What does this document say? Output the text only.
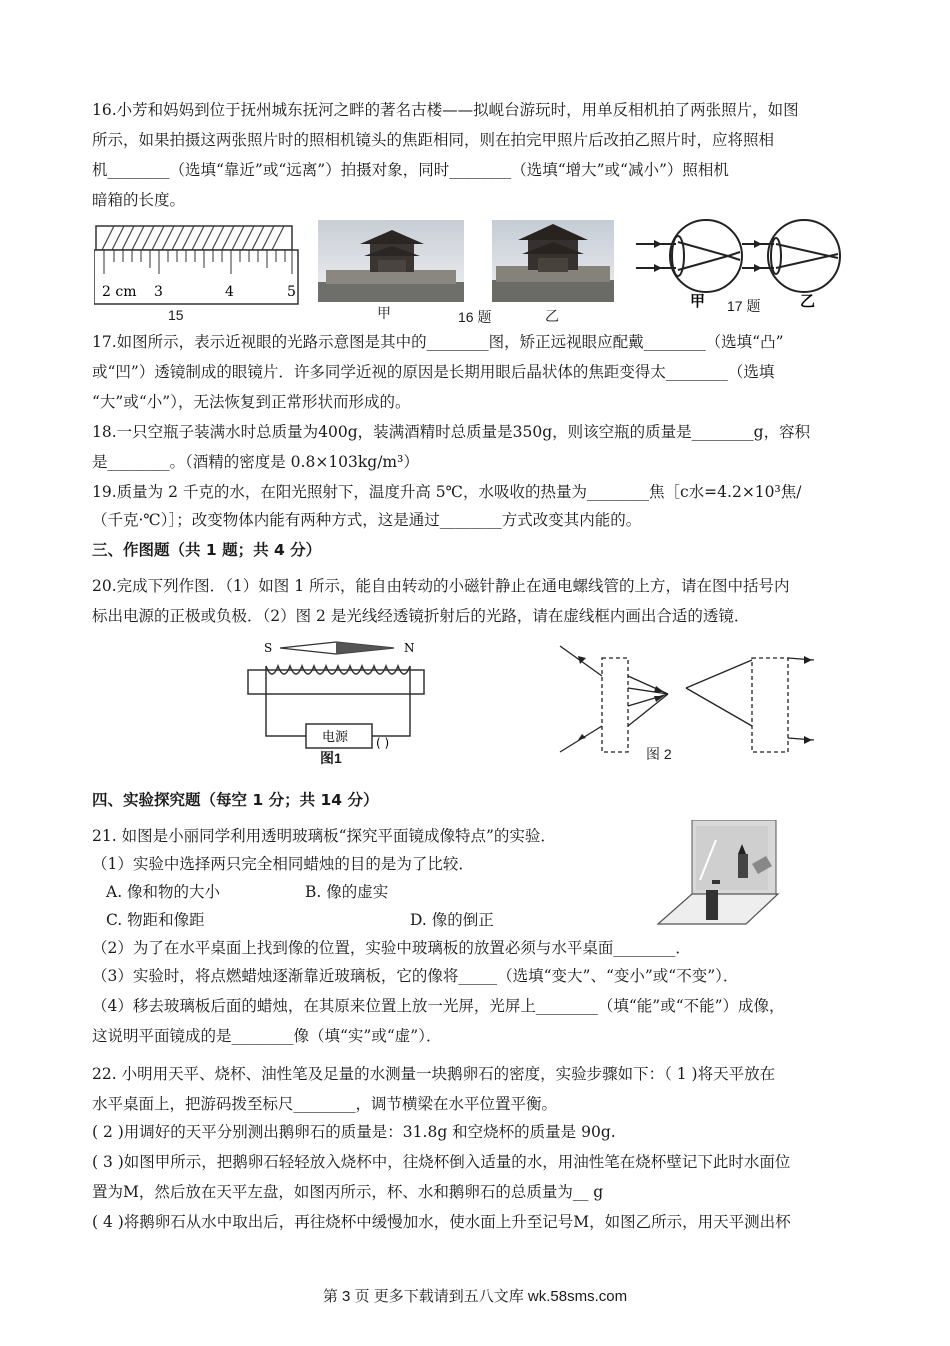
16.小芳和妈妈到位于抚州城东抚河之畔的著名古楼——拟岘台游玩时，用单反相机拍了两张照片，如图
所示，如果拍摄这两张照片时的照相机镜头的焦距相同，则在拍完甲照片后改拍乙照片时，应将照相
机________（选填“靠近”或“远离”）拍摄对象，同时________（选填“增大”或“减小”）照相机
暗箱的长度。
2 cm 3	4	5
15	甲	16 题	乙
甲	乙
17 题
17.如图所示，表示近视眼的光路示意图是其中的________图，矫正远视眼应配戴________（选填“凸”
或“凹”）透镜制成的眼镜片．许多同学近视的原因是长期用眼后晶状体的焦距变得太________（选填
“大”或“小”），无法恢复到正常形状而形成的。
18.一只空瓶子装满水时总质量为400g，装满酒精时总质量是350g，则该空瓶的质量是________g，容积
是________。（酒精的密度是 0.8×103kg/m³）
19.质量为 2 千克的水，在阳光照射下，温度升高 5℃，水吸收的热量为________焦［c水=4.2×10³焦/
（千克·℃）］；改变物体内能有两种方式，这是通过________方式改变其内能的。
三、作图题（共 1 题；共 4 分）
20.完成下列作图．（1）如图 1 所示，能自由转动的小磁针静止在通电螺线管的上方，请在图中括号内
标出电源的正极或负极．（2）图 2 是光线经透镜折射后的光路，请在虚线框内画出合适的透镜．
S	N
电源 ( )
图1	图 2
四、实验探究题（每空 1 分；共 14 分）
21. 如图是小丽同学利用透明玻璃板“探究平面镜成像特点”的实验．
（1）实验中选择两只完全相同蜡烛的目的是为了比较．
A. 像和物的大小	B. 像的虚实
C. 物距和像距	D. 像的倒正
（2）为了在水平桌面上找到像的位置，实验中玻璃板的放置必须与水平桌面________．
（3）实验时，将点燃蜡烛逐渐靠近玻璃板，它的像将_____（选填“变大”、“变小”或“不变”）．
（4）移去玻璃板后面的蜡烛，在其原来位置上放一光屏，光屏上________（填“能”或“不能”）成像，
这说明平面镜成的是________像（填“实”或“虚”）．
22. 小明用天平、烧杯、油性笔及足量的水测量一块鹅卵石的密度，实验步骤如下：（ 1 )将天平放在
水平桌面上，把游码拨至标尺________，调节横梁在水平位置平衡。
( 2 )用调好的天平分别测出鹅卵石的质量是：31.8g 和空烧杯的质量是 90g.
( 3 )如图甲所示，把鹅卵石轻轻放入烧杯中，往烧杯倒入适量的水，用油性笔在烧杯壁记下此时水面位
置为M，然后放在天平左盘，如图丙所示，杯、水和鹅卵石的总质量为__ g
( 4 )将鹅卵石从水中取出后，再往烧杯中缓慢加水，使水面上升至记号M，如图乙所示，用天平测出杯
第 3 页 更多下载请到五八文库 wk.58sms.com
